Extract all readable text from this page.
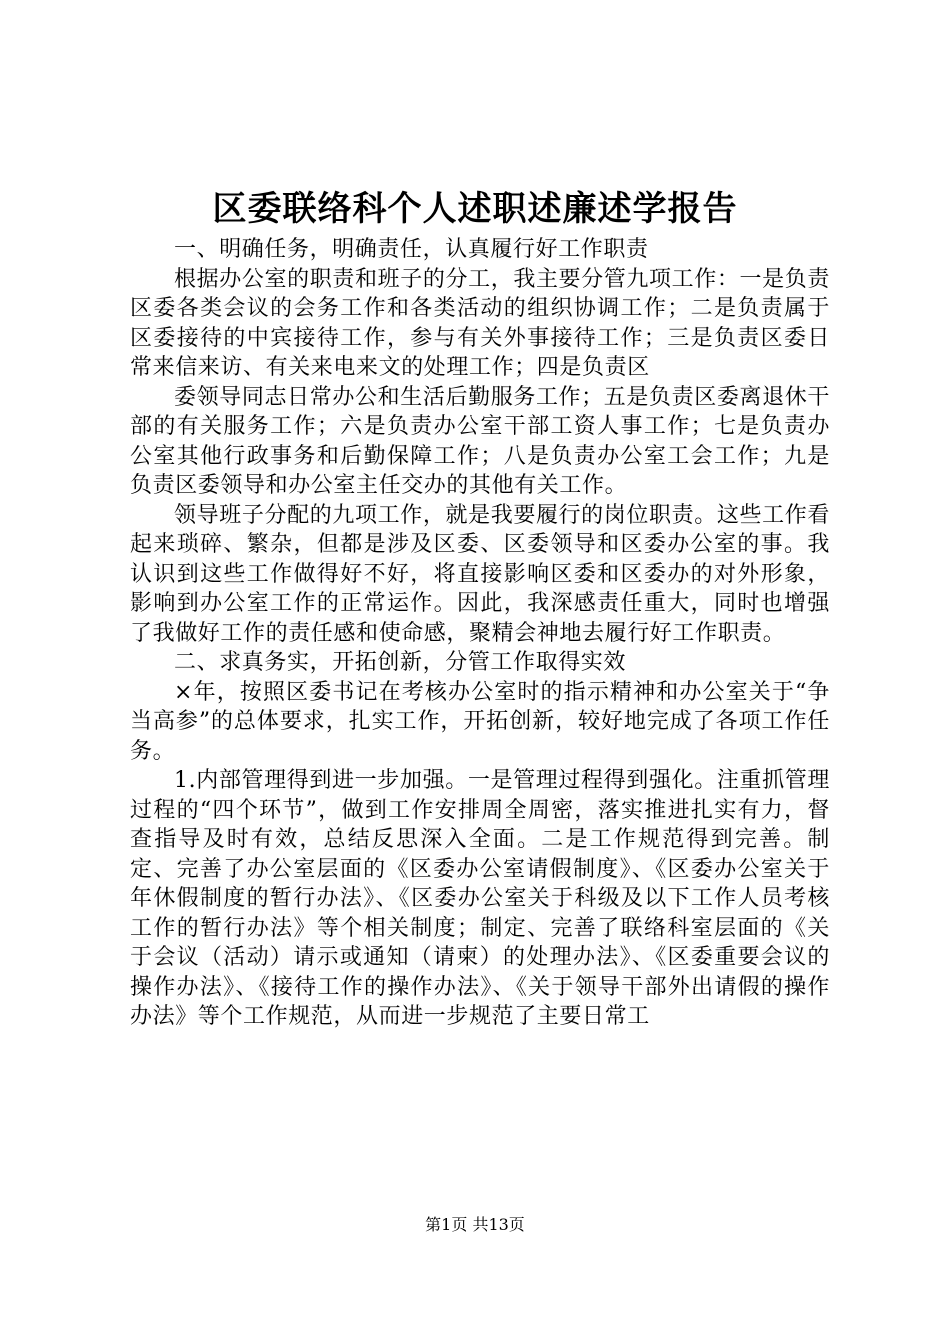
区委联络科个人述职述廉述学报告

一、明确任务，明确责任，认真履行好工作职责

根据办公室的职责和班子的分工，我主要分管九项工作：一是负责区委各类会议的会务工作和各类活动的组织协调工作；二是负责属于区委接待的中宾接待工作，参与有关外事接待工作；三是负责区委日常来信来访、有关来电来文的处理工作；四是负责区

委领导同志日常办公和生活后勤服务工作；五是负责区委离退休干部的有关服务工作；六是负责办公室干部工资人事工作；七是负责办公室其他行政事务和后勤保障工作；八是负责办公室工会工作；九是负责区委领导和办公室主任交办的其他有关工作。

领导班子分配的九项工作，就是我要履行的岗位职责。这些工作看起来琐碎、繁杂，但都是涉及区委、区委领导和区委办公室的事。我认识到这些工作做得好不好，将直接影响区委和区委办的对外形象，影响到办公室工作的正常运作。因此，我深感责任重大，同时也增强了我做好工作的责任感和使命感，聚精会神地去履行好工作职责。

二、求真务实，开拓创新，分管工作取得实效

×年，按照区委书记在考核办公室时的指示精神和办公室关于“争当高参”的总体要求，扎实工作，开拓创新，较好地完成了各项工作任务。

1.内部管理得到进一步加强。一是管理过程得到强化。注重抓管理过程的“四个环节”，做到工作安排周全周密，落实推进扎实有力，督查指导及时有效，总结反思深入全面。二是工作规范得到完善。制定、完善了办公室层面的《区委办公室请假制度》、《区委办公室关于年休假制度的暂行办法》、《区委办公室关于科级及以下工作人员考核工作的暂行办法》等个相关制度；制定、完善了联络科室层面的《关于会议（活动）请示或通知（请柬）的处理办法》、《区委重要会议的操作办法》、《接待工作的操作办法》、《关于领导干部外出请假的操作办法》等个工作规范，从而进一步规范了主要日常工

第1页 共13页
